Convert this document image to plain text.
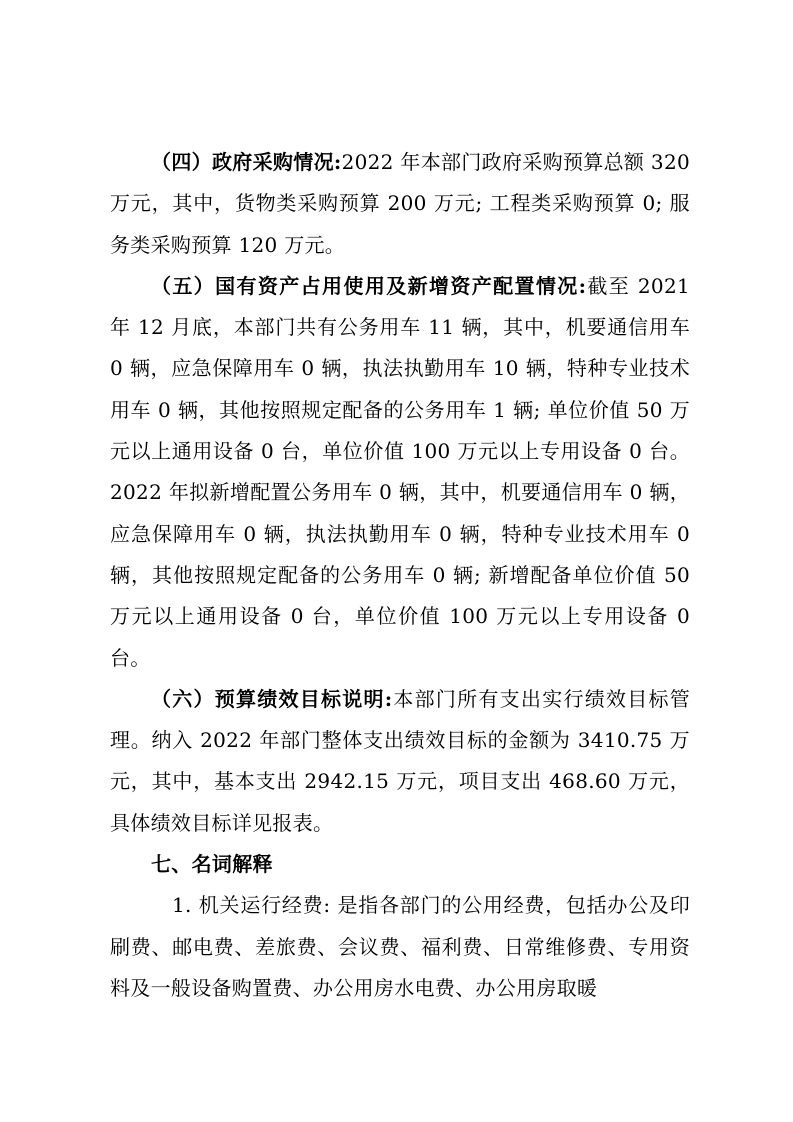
（四）政府采购情况:2022 年本部门政府采购预算总额 320 万元，其中，货物类采购预算 200 万元; 工程类采购预算 0; 服务类采购预算 120 万元。

（五）国有资产占用使用及新增资产配置情况:截至 2021 年 12 月底，本部门共有公务用车 11 辆，其中，机要通信用车 0 辆，应急保障用车 0 辆，执法执勤用车 10 辆，特种专业技术用车 0 辆，其他按照规定配备的公务用车 1 辆; 单位价值 50 万元以上通用设备 0 台，单位价值 100 万元以上专用设备 0 台。2022 年拟新增配置公务用车 0 辆，其中，机要通信用车 0 辆，应急保障用车 0 辆，执法执勤用车 0 辆，特种专业技术用车 0 辆，其他按照规定配备的公务用车 0 辆; 新增配备单位价值 50 万元以上通用设备 0 台，单位价值 100 万元以上专用设备 0 台。

（六）预算绩效目标说明:本部门所有支出实行绩效目标管理。纳入 2022 年部门整体支出绩效目标的金额为 3410.75 万元，其中，基本支出 2942.15 万元，项目支出 468.60 万元，具体绩效目标详见报表。

七、名词解释

1. 机关运行经费: 是指各部门的公用经费，包括办公及印刷费、邮电费、差旅费、会议费、福利费、日常维修费、专用资料及一般设备购置费、办公用房水电费、办公用房取暖
